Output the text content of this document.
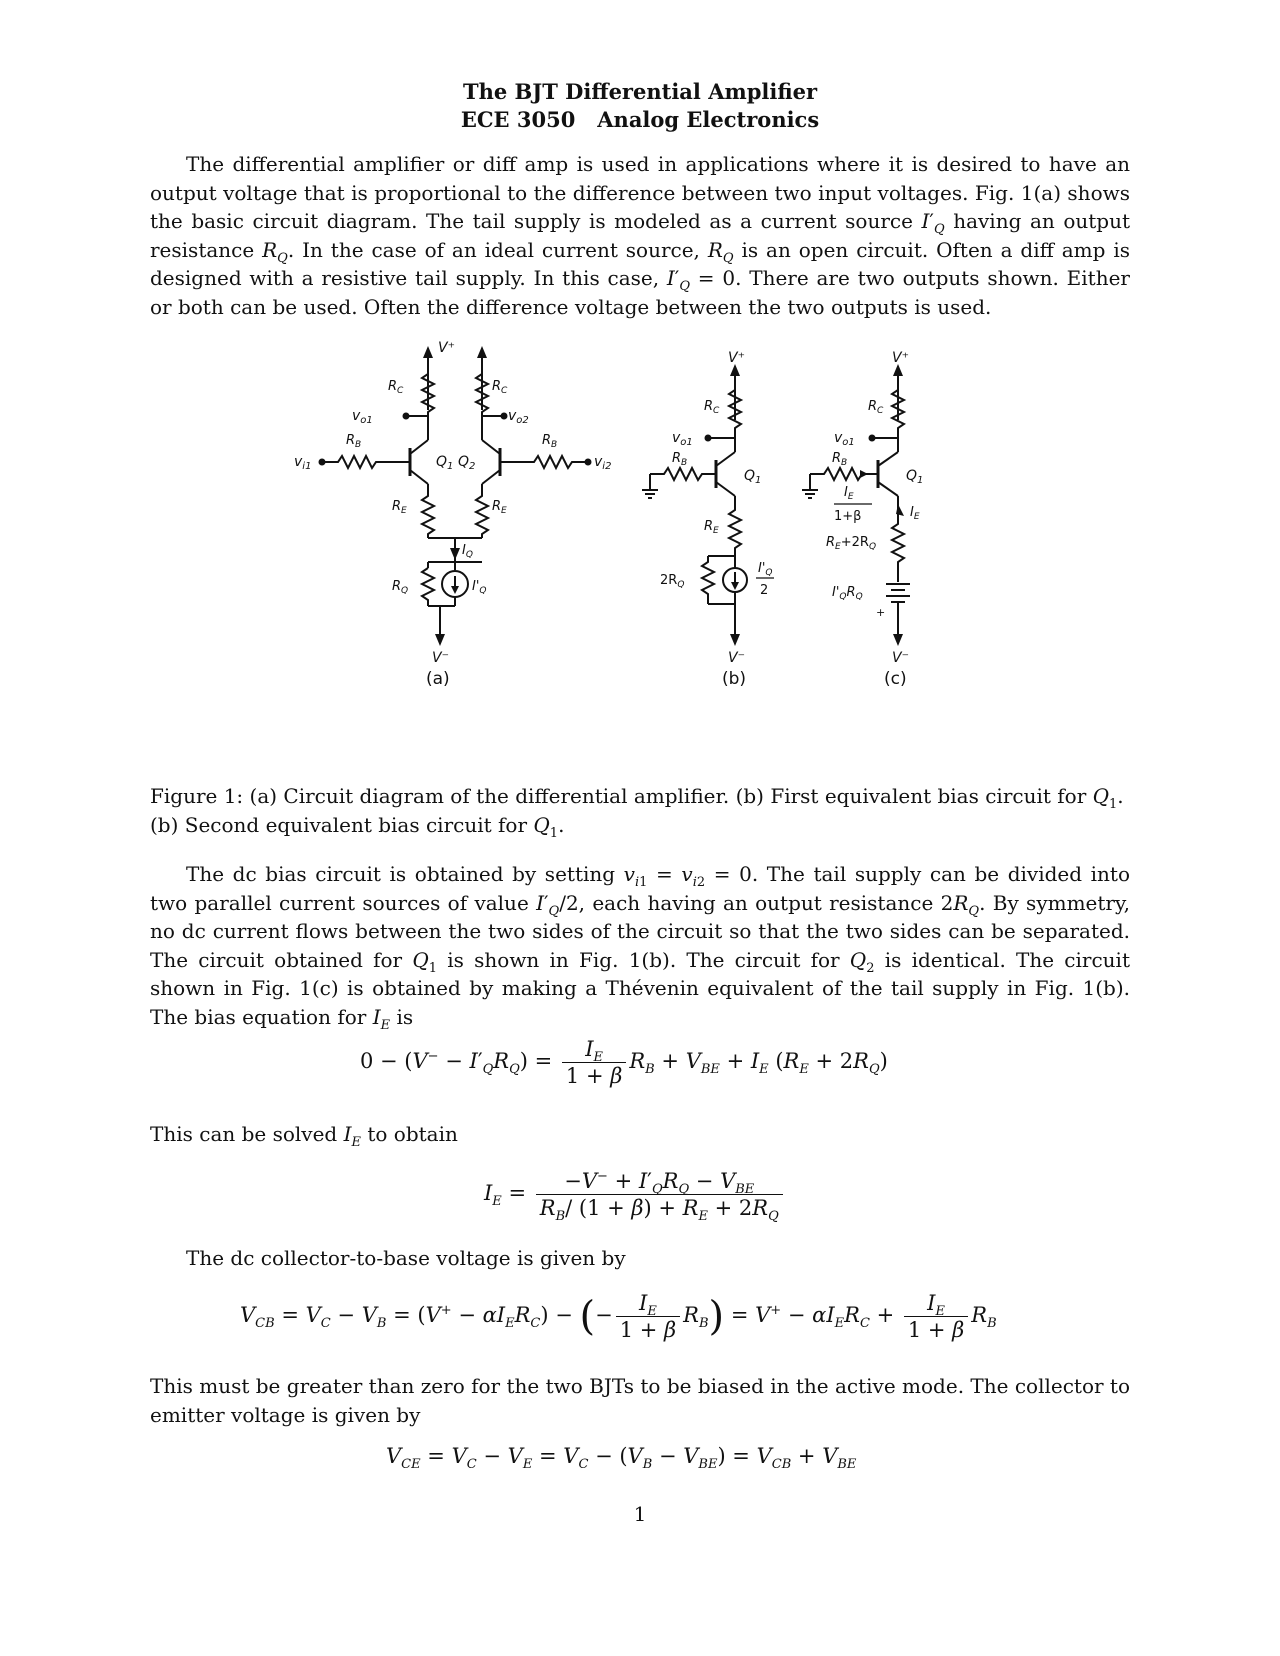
The BJT Differential Amplifier
ECE 3050 Analog Electronics
The differential amplifier or diff amp is used in applications where it is desired to have an output voltage that is proportional to the difference between two input voltages. Fig. 1(a) shows the basic circuit diagram. The tail supply is modeled as a current source $I'_Q$ having an output resistance $R_Q$. In the case of an ideal current source, $R_Q$ is an open circuit. Often a diff amp is designed with a resistive tail supply. In this case, $I'_Q = 0$. There are two outputs shown. Either or both can be used. Often the difference voltage between the two outputs is used.
V⁺
$R_C$	$R_C$
$v_{o1}$	$v_{o2}$
$Q_1$ $Q_2$
$v_{i1}$
$R_B$
$v_{i2}$
$R_B$
$R_E$	$R_E$
$I_Q$
$R_Q$	$I'_Q$
V⁻
(a)
V⁺
$R_C$
$v_{o1}$
$Q_1$
$R_B$
$R_E$
$2R_Q$
$I'_Q$
2
V⁻
(b)
V⁺
$R_C$
$v_{o1}$
$Q_1$
$R_B$
$I_E$
1+β	$I_E$
$R_E+2R_Q$
+
$I'_QR_Q$
V⁻
(c)
Figure 1: (a) Circuit diagram of the differential amplifier. (b) First equivalent bias circuit for $Q_1$. (b) Second equivalent bias circuit for $Q_1$.
The dc bias circuit is obtained by setting $v_{i1} = v_{i2} = 0$. The tail supply can be divided into two parallel current sources of value $I'_Q/2$, each having an output resistance $2R_Q$. By symmetry, no dc current flows between the two sides of the circuit so that the two sides can be separated. The circuit obtained for $Q_1$ is shown in Fig. 1(b). The circuit for $Q_2$ is identical. The circuit shown in Fig. 1(c) is obtained by making a Thévenin equivalent of the tail supply in Fig. 1(b). The bias equation for $I_E$ is
$0 - (V^- - I'_QR_Q) = \frac{I_E}{1 + \beta} R_B + V_{BE} + I_E$ $(R_E + 2R_Q)$
This can be solved $I_E$ to obtain
$I_E = \frac{-V^- + I'_QR_Q - V_{BE}}{R_B/ (1 + \beta) + R_E + 2R_Q}$
The dc collector-to-base voltage is given by
$V_{CB} = V_C - V_B = (V^+ - \alpha I_ER_C)$ − (− $\frac{I_E}{1 + \beta} R_B) = V^+ - \alpha I_ER_C + \frac{I_E}{1 + \beta} R_B$
This must be greater than zero for the two BJTs to be biased in the active mode. The collector to emitter voltage is given by
$V_{CE} = V_C - V_E = V_C - (V_B - V_{BE}) = V_{CB} + V_{BE}$
1
